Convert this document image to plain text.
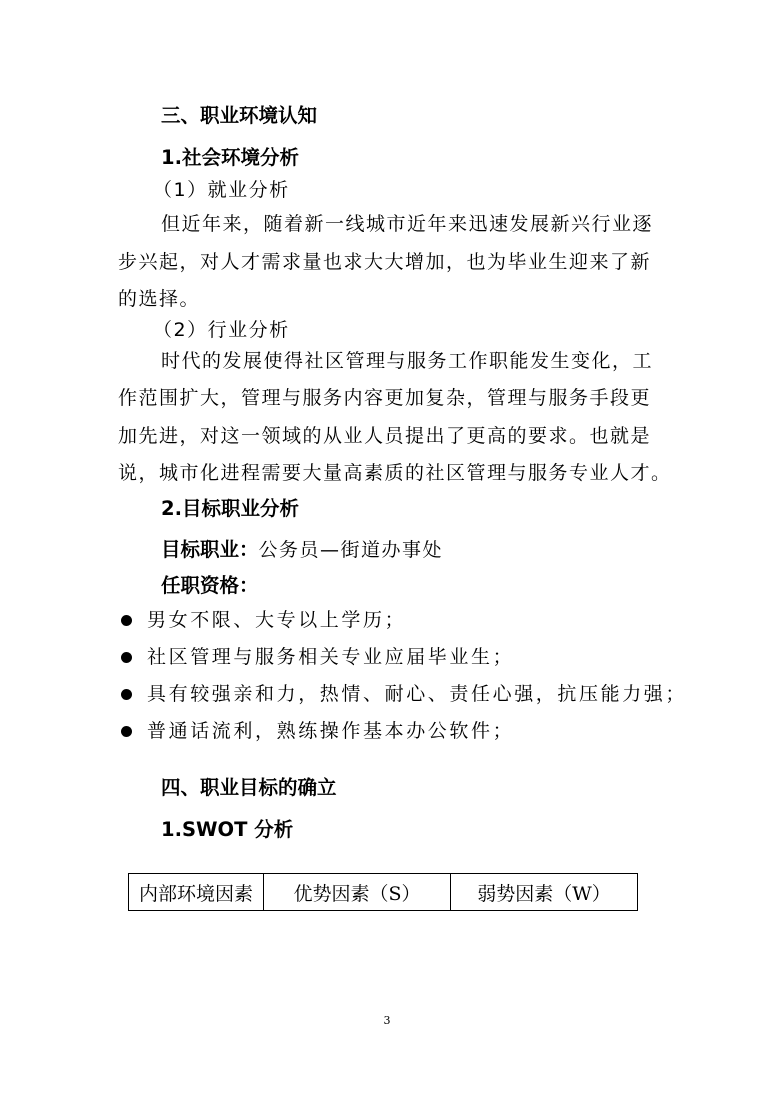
三、职业环境认知
1.社会环境分析
（1）就业分析
但近年来，随着新一线城市近年来迅速发展新兴行业逐
步兴起，对人才需求量也求大大增加，也为毕业生迎来了新
的选择。
（2）行业分析
时代的发展使得社区管理与服务工作职能发生变化，工
作范围扩大，管理与服务内容更加复杂，管理与服务手段更
加先进，对这一领域的从业人员提出了更高的要求。也就是
说，城市化进程需要大量高素质的社区管理与服务专业人才。
2.目标职业分析
目标职业：公务员—街道办事处
任职资格：
男女不限、大专以上学历；
社区管理与服务相关专业应届毕业生；
具有较强亲和力，热情、耐心、责任心强，抗压能力强；
普通话流利，熟练操作基本办公软件；
四、职业目标的确立
1.SWOT 分析
内部环境因素	优势因素（S）	弱势因素（W）
3
